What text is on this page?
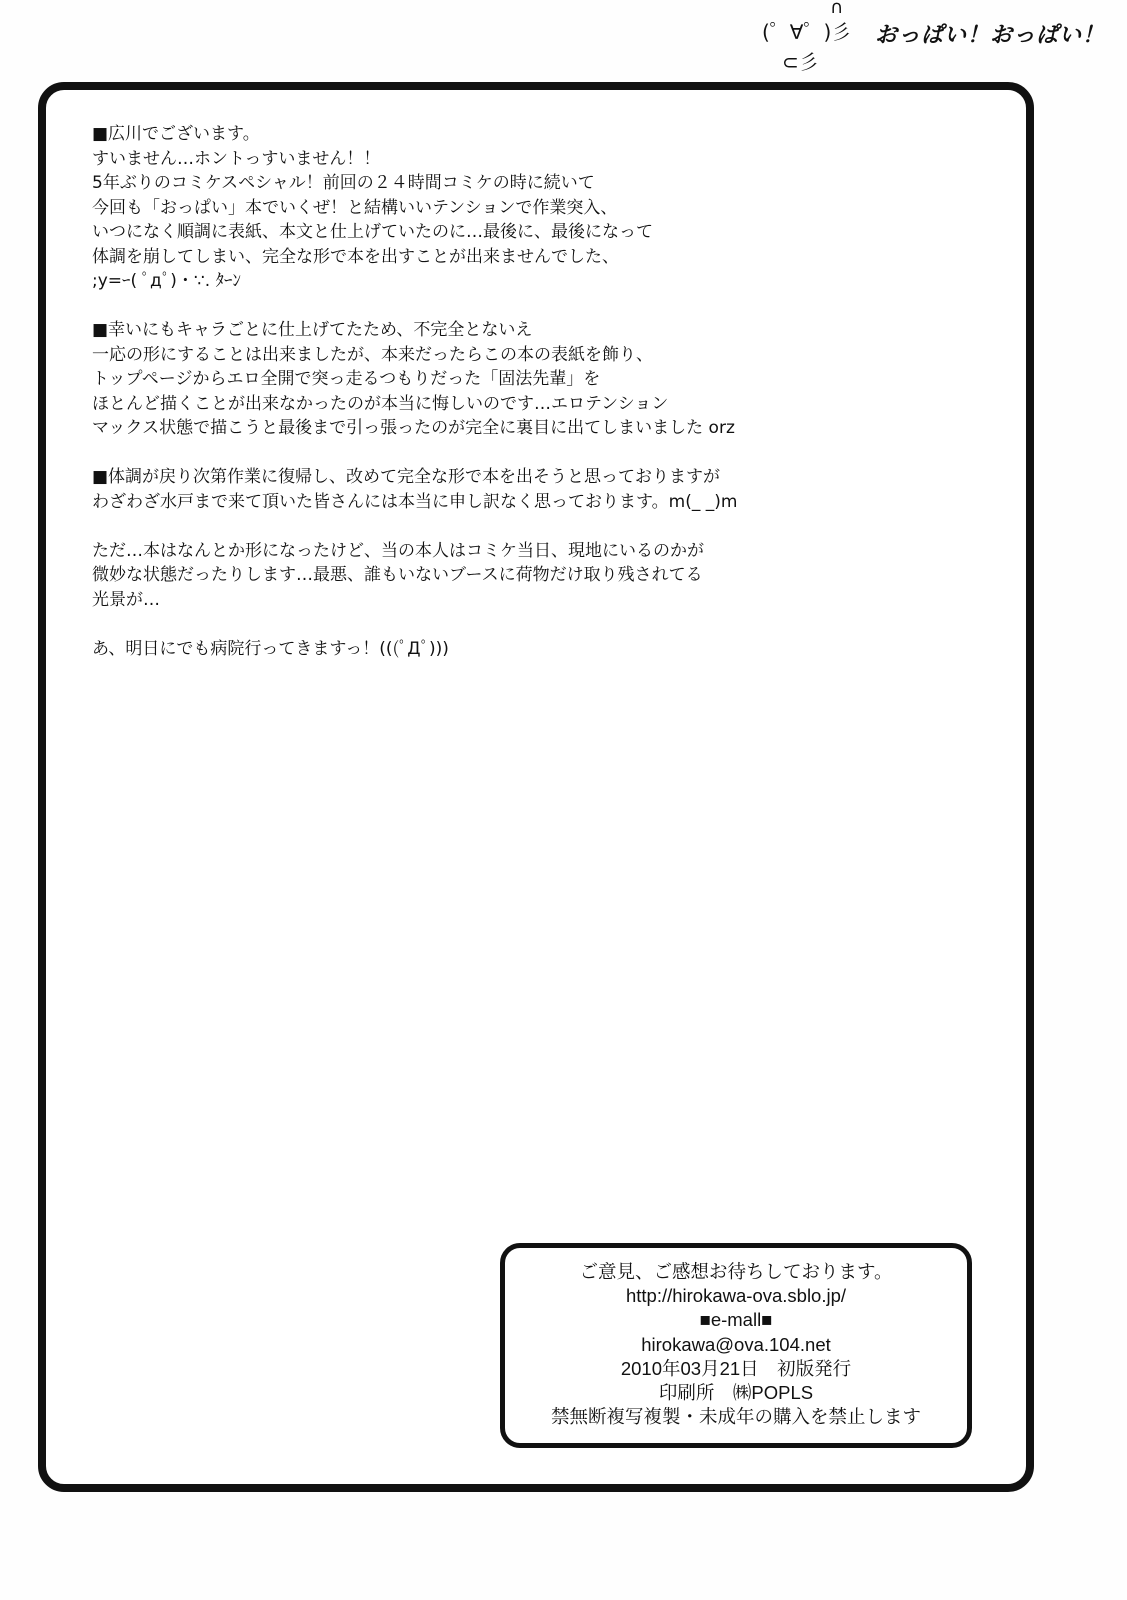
∩
(゜∀゜)彡
⊂彡
おっぱい！おっぱい！

■広川でございます。

すいません…ホントっすいません！！

5年ぶりのコミケスペシャル！前回の２４時間コミケの時に続いて

今回も「おっぱい」本でいくぜ！と結構いいテンションで作業突入、

いつになく順調に表紙、本文と仕上げていたのに…最後に、最後になって

体調を崩してしまい、完全な形で本を出すことが出来ませんでした、

;y=ｰ( ﾟдﾟ)・∵. ﾀｰﾝ

■幸いにもキャラごとに仕上げてたため、不完全とないえ

一応の形にすることは出来ましたが、本来だったらこの本の表紙を飾り、

トップページからエロ全開で突っ走るつもりだった「固法先輩」を

ほとんど描くことが出来なかったのが本当に悔しいのです…エロテンション

マックス状態で描こうと最後まで引っ張ったのが完全に裏目に出てしまいました orz

■体調が戻り次第作業に復帰し、改めて完全な形で本を出そうと思っておりますが

わざわざ水戸まで来て頂いた皆さんには本当に申し訳なく思っております。m(_ _)m

ただ…本はなんとか形になったけど、当の本人はコミケ当日、現地にいるのかが

微妙な状態だったりします…最悪、誰もいないブースに荷物だけ取り残されてる

光景が…

あ、明日にでも病院行ってきますっ！(((ﾟДﾟ)))

ご意見、ご感想お待ちしております。
http://hirokawa-ova.sblo.jp/
■e-mall■
hirokawa@ova.104.net
2010年03月21日　初版発行
印刷所　㈱POPLS
禁無断複写複製・未成年の購入を禁止します
